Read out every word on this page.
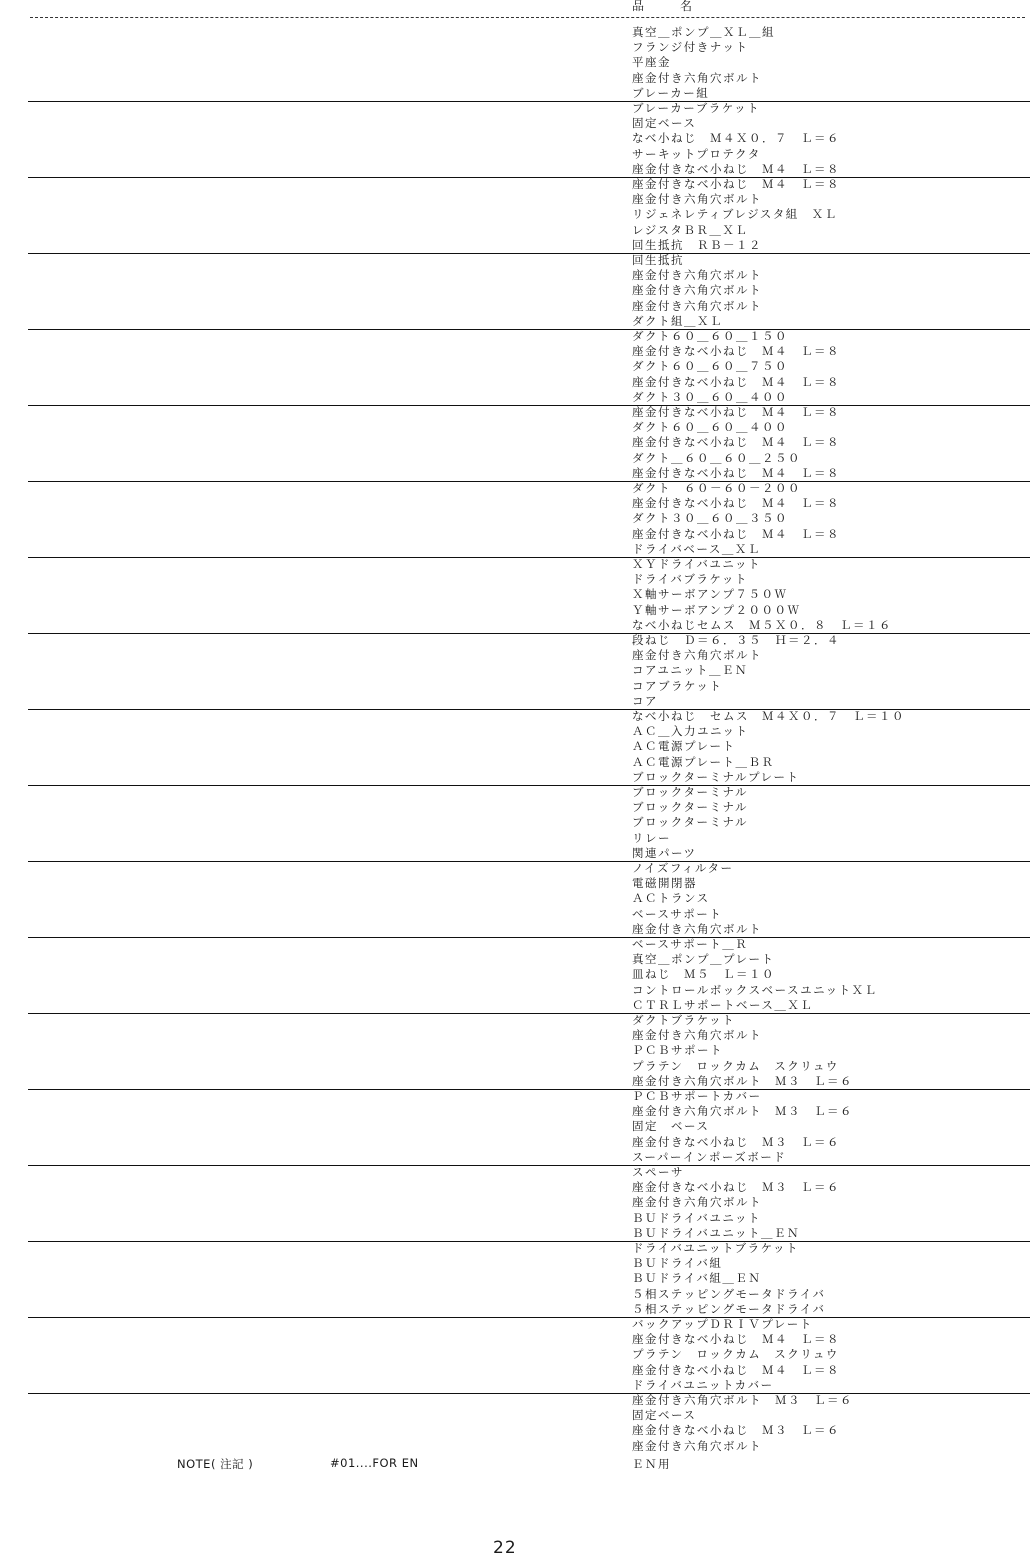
品　名
真空＿ポンプ＿ＸＬ＿組
フランジ付きナット
平座金
座金付き六角穴ボルト
ブレーカー組
ブレーカーブラケット
固定ベース
なべ小ねじ　Ｍ４Ｘ０．７　Ｌ＝６
サーキットプロテクタ
座金付きなべ小ねじ　Ｍ４　Ｌ＝８
座金付きなべ小ねじ　Ｍ４　Ｌ＝８
座金付き六角穴ボルト
リジェネレティブレジスタ組　ＸＬ
レジスタＢＲ＿ＸＬ
回生抵抗　ＲＢ－１２
回生抵抗
座金付き六角穴ボルト
座金付き六角穴ボルト
座金付き六角穴ボルト
ダクト組＿ＸＬ
ダクト６０＿６０＿１５０
座金付きなべ小ねじ　Ｍ４　Ｌ＝８
ダクト６０＿６０＿７５０
座金付きなべ小ねじ　Ｍ４　Ｌ＝８
ダクト３０＿６０＿４００
座金付きなべ小ねじ　Ｍ４　Ｌ＝８
ダクト６０＿６０＿４００
座金付きなべ小ねじ　Ｍ４　Ｌ＝８
ダクト＿６０＿６０＿２５０
座金付きなべ小ねじ　Ｍ４　Ｌ＝８
ダクト　６０－６０－２００
座金付きなべ小ねじ　Ｍ４　Ｌ＝８
ダクト３０＿６０＿３５０
座金付きなべ小ねじ　Ｍ４　Ｌ＝８
ドライバベース＿ＸＬ
ＸＹドライバユニット
ドライバブラケット
Ｘ軸サーボアンプ７５０Ｗ
Ｙ軸サーボアンプ２０００Ｗ
なべ小ねじセムス　Ｍ５Ｘ０．８　Ｌ＝１６
段ねじ　Ｄ＝６．３５　Ｈ＝２．４
座金付き六角穴ボルト
コアユニット＿ＥＮ
コアブラケット
コア
なべ小ねじ　セムス　Ｍ４Ｘ０．７　Ｌ＝１０
ＡＣ＿入力ユニット
ＡＣ電源プレート
ＡＣ電源プレート＿ＢＲ
ブロックターミナルプレート
ブロックターミナル
ブロックターミナル
ブロックターミナル
リレー
関連パーツ
ノイズフィルター
電磁開閉器
ＡＣトランス
ベースサポート
座金付き六角穴ボルト
ベースサポート＿Ｒ
真空＿ポンプ＿プレート
皿ねじ　Ｍ５　Ｌ＝１０
コントロールボックスベースユニットＸＬ
ＣＴＲＬサポートベース＿ＸＬ
ダクトブラケット
座金付き六角穴ボルト
ＰＣＢサポート
プラテン　ロックカム　スクリュウ
座金付き六角穴ボルト　Ｍ３　Ｌ＝６
ＰＣＢサポートカバー
座金付き六角穴ボルト　Ｍ３　Ｌ＝６
固定　ベース
座金付きなべ小ねじ　Ｍ３　Ｌ＝６
スーパーインポーズボード
スペーサ
座金付きなべ小ねじ　Ｍ３　Ｌ＝６
座金付き六角穴ボルト
ＢＵドライバユニット
ＢＵドライバユニット＿ＥＮ
ドライバユニットブラケット
ＢＵドライバ組
ＢＵドライバ組＿ＥＮ
５相ステッピングモータドライバ
５相ステッピングモータドライバ
バックアップＤＲＩＶプレート
座金付きなべ小ねじ　Ｍ４　Ｌ＝８
プラテン　ロックカム　スクリュウ
座金付きなべ小ねじ　Ｍ４　Ｌ＝８
ドライバユニットカバー
座金付き六角穴ボルト　Ｍ３　Ｌ＝６
固定ベース
座金付きなべ小ねじ　Ｍ３　Ｌ＝６
座金付き六角穴ボルト
NOTE( 注記 )	#01....FOR EN	ＥＮ用
22
